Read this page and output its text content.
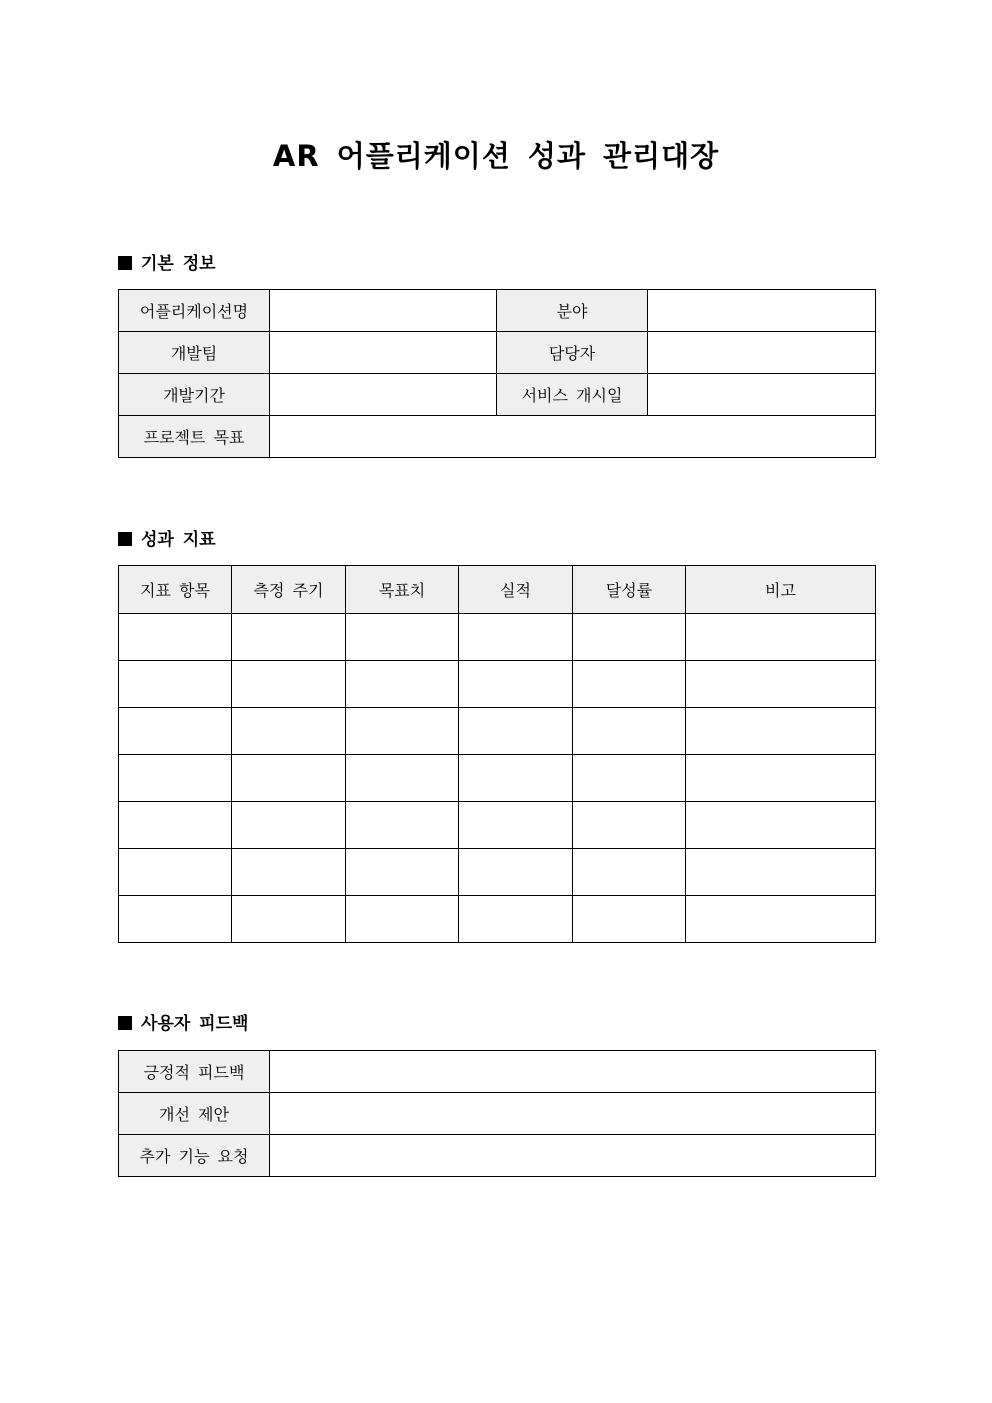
AR 어플리케이션 성과 관리대장
기본 정보
어플리케이션명		분야	
개발팀		담당자	
개발기간		서비스 개시일	
프로젝트 목표			
성과 지표
지표 항목	측정 주기	목표치	실적	달성률	비고

사용자 피드백
긍정적 피드백	
개선 제안	
추가 기능 요청	
